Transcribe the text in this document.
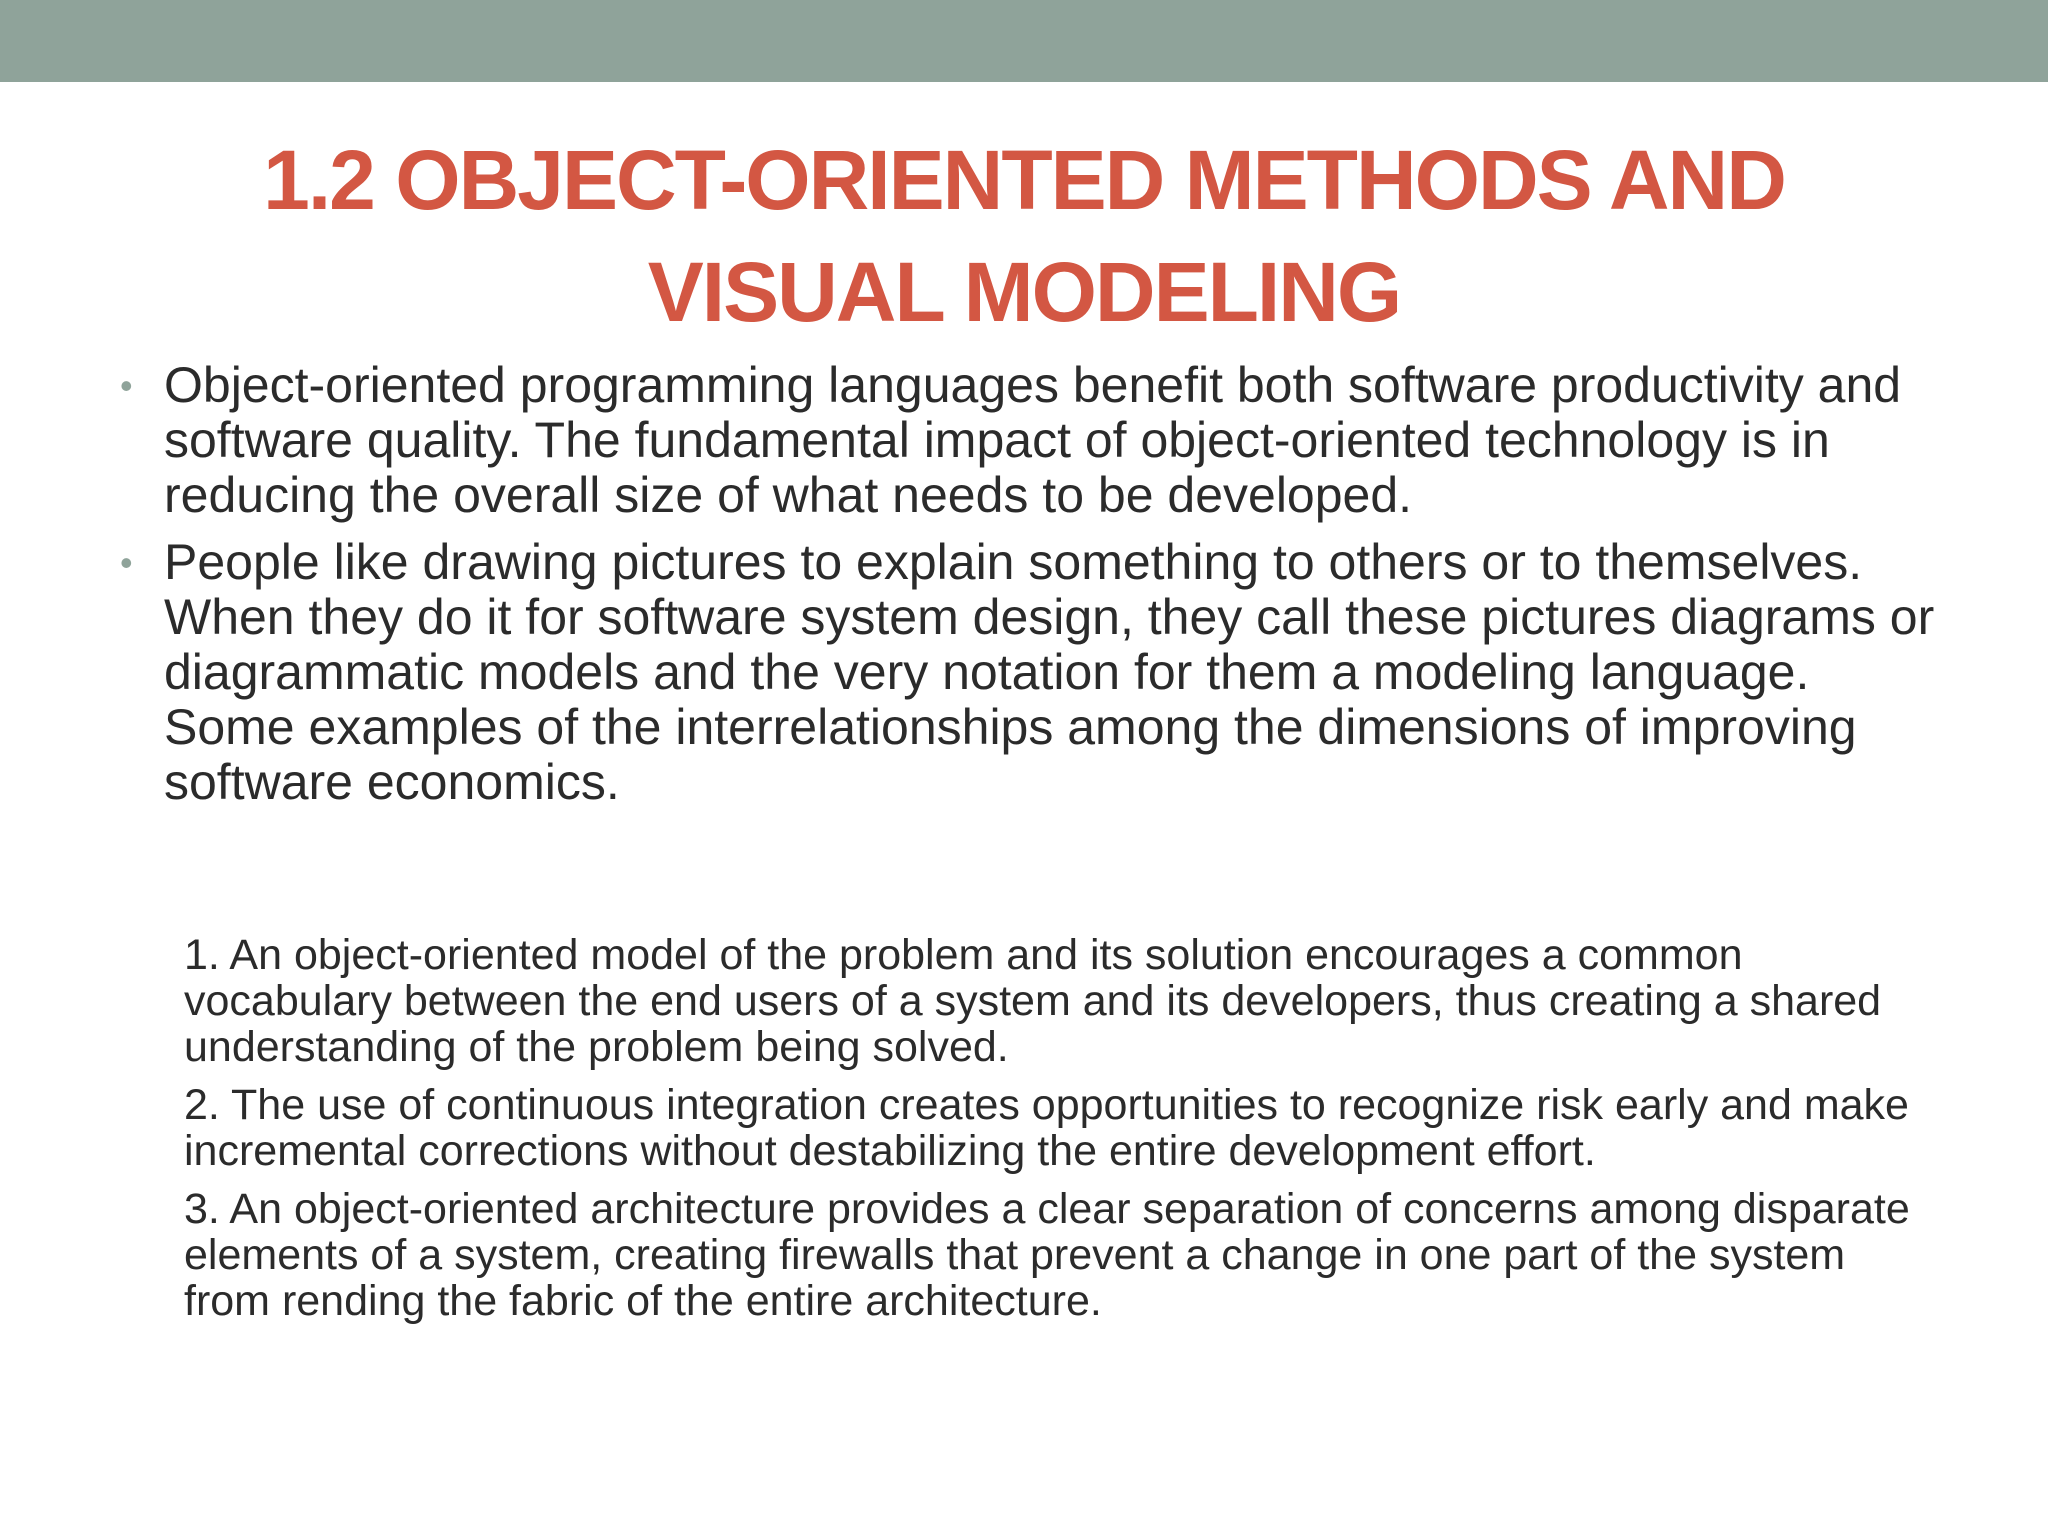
1.2 OBJECT-ORIENTED METHODS AND
VISUAL MODELING
• Object-oriented programming languages benefit both software productivity and software quality. The fundamental impact of object-oriented technology is in reducing the overall size of what needs to be developed.
• People like drawing pictures to explain something to others or to themselves. When they do it for software system design, they call these pictures diagrams or diagrammatic models and the very notation for them a modeling language. Some examples of the interrelationships among the dimensions of improving software economics.
1. An object-oriented model of the problem and its solution encourages a common vocabulary between the end users of a system and its developers, thus creating a shared understanding of the problem being solved.
2. The use of continuous integration creates opportunities to recognize risk early and make incremental corrections without destabilizing the entire development effort.
3. An object-oriented architecture provides a clear separation of concerns among disparate elements of a system, creating firewalls that prevent a change in one part of the system from rending the fabric of the entire architecture.
